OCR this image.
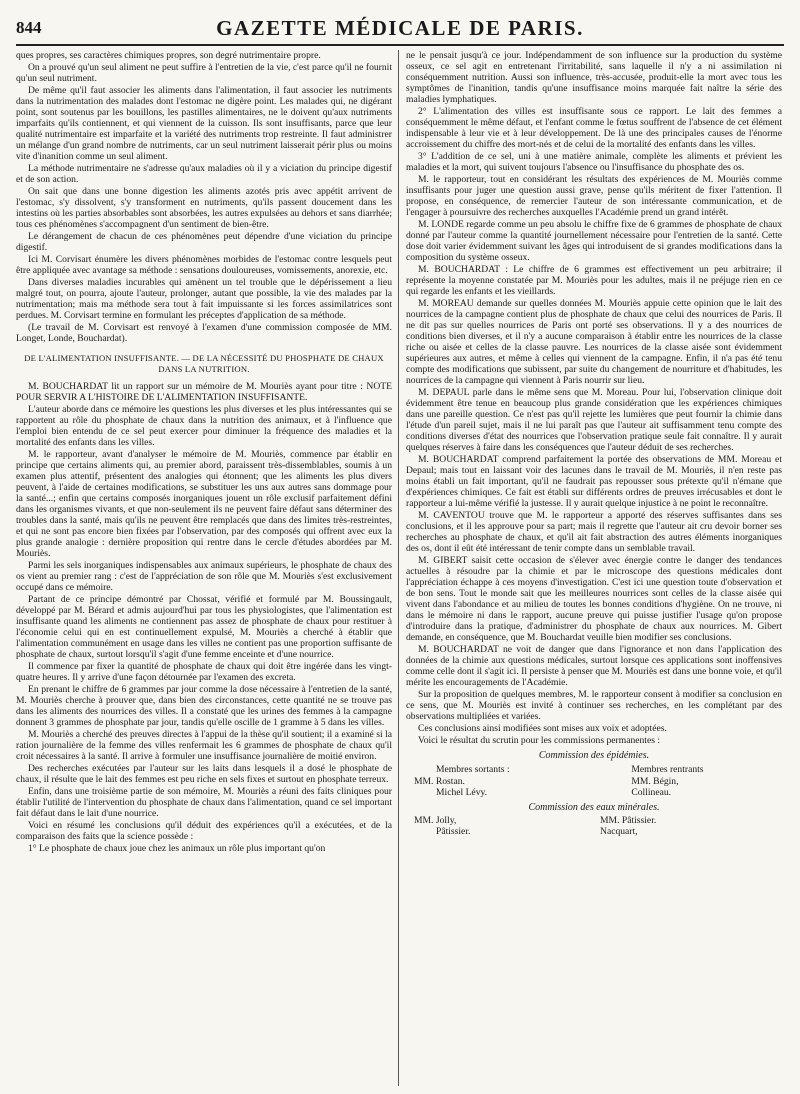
844	GAZETTE MÉDICALE DE PARIS.

ques propres, ses caractères chimiques propres, son degré nutrimentaire propre.

On a prouvé qu'un seul aliment ne peut suffire à l'entretien de la vie, c'est parce qu'il ne fournit qu'un seul nutriment.

De même qu'il faut associer les aliments dans l'alimentation, il faut associer les nutriments dans la nutrimentation des malades dont l'estomac ne digère point. Les malades qui, ne digérant point, sont soutenus par les bouillons, les pastilles alimentaires, ne le doivent qu'aux nutriments imparfaits qu'ils contiennent, et qui viennent de la cuisson. Ils sont insuffisants, parce que leur qualité nutrimentaire est imparfaite et la variété des nutriments trop restreinte. Il faut administrer un mélange d'un grand nombre de nutriments, car un seul nutriment laisserait périr plus ou moins vite d'inanition comme un seul aliment.

La méthode nutrimentaire ne s'adresse qu'aux maladies où il y a viciation du principe digestif et de son action.

On sait que dans une bonne digestion les aliments azotés pris avec appétit arrivent de l'estomac, s'y dissolvent, s'y transforment en nutriments, qu'ils passent doucement dans les intestins où les parties absorbables sont absorbées, les autres expulsées au dehors et sans diarrhée; tous ces phénomènes s'accompagnent d'un sentiment de bien-être.

Le dérangement de chacun de ces phénomènes peut dépendre d'une viciation du principe digestif.

Ici M. Corvisart énumère les divers phénomènes morbides de l'estomac contre lesquels peut être appliquée avec avantage sa méthode : sensations douloureuses, vomissements, anorexie, etc.

Dans diverses maladies incurables qui amènent un tel trouble que le dépérissement a lieu malgré tout, on pourra, ajoute l'auteur, prolonger, autant que possible, la vie des malades par la nutrimentation; mais ma méthode sera tout à fait impuissante si les forces assimilatrices sont perdues. M. Corvisart termine en formulant les préceptes d'application de sa méthode.

(Le travail de M. Corvisart est renvoyé à l'examen d'une commission composée de MM. Longet, Londe, Bouchardat).

DE L'ALIMENTATION INSUFFISANTE. — DE LA NÉCESSITÉ DU PHOSPHATE DE CHAUX DANS LA NUTRITION.

M. BOUCHARDAT lit un rapport sur un mémoire de M. Mouriès ayant pour titre : NOTE POUR SERVIR A L'HISTOIRE DE L'ALIMENTATION INSUFFISANTE.

L'auteur aborde dans ce mémoire les questions les plus diverses et les plus intéressantes qui se rapportent au rôle du phosphate de chaux dans la nutrition des animaux, et à l'influence que l'emploi bien entendu de ce sel peut exercer pour diminuer la fréquence des maladies et la mortalité des enfants dans les villes.

M. le rapporteur, avant d'analyser le mémoire de M. Mouriès, commence par établir en principe que certains aliments qui, au premier abord, paraissent très-dissemblables, soumis à un examen plus attentif, présentent des analogies qui étonnent; que les aliments les plus divers peuvent, à l'aide de certaines modifications, se substituer les uns aux autres sans dommage pour la santé...; enfin que certains composés inorganiques jouent un rôle exclusif parfaitement défini dans les organismes vivants, et que non-seulement ils ne peuvent faire défaut sans déterminer des troubles dans la santé, mais qu'ils ne peuvent être remplacés que dans des limites très-restreintes, et qui ne sont pas encore bien fixées par l'observation, par des composés qui offrent avec eux la plus grande analogie : dernière proposition qui rentre dans le cercle d'études abordées par M. Mouriès.

Parmi les sels inorganiques indispensables aux animaux supérieurs, le phosphate de chaux des os vient au premier rang : c'est de l'appréciation de son rôle que M. Mouriès s'est exclusivement occupé dans ce mémoire.

Partant de ce principe démontré par Chossat, vérifié et formulé par M. Boussingault, développé par M. Bérard et admis aujourd'hui par tous les physiologistes, que l'alimentation est insuffisante quand les aliments ne contiennent pas assez de phosphate de chaux pour restituer à l'économie celui qui en est continuellement expulsé, M. Mouriès a cherché à établir que l'alimentation communément en usage dans les villes ne contient pas une proportion suffisante de phosphate de chaux, surtout lorsqu'il s'agit d'une femme enceinte et d'une nourrice.

Il commence par fixer la quantité de phosphate de chaux qui doit être ingérée dans les vingt-quatre heures. Il y arrive d'une façon détournée par l'examen des excreta.

En prenant le chiffre de 6 grammes par jour comme la dose nécessaire à l'entretien de la santé, M. Mouriès cherche à prouver que, dans bien des circonstances, cette quantité ne se trouve pas dans les aliments des nourrices des villes. Il a constaté que les urines des femmes à la campagne donnent 3 grammes de phosphate par jour, tandis qu'elle oscille de 1 gramme à 5 dans les villes.

M. Mouriès a cherché des preuves directes à l'appui de la thèse qu'il soutient; il a examiné si la ration journalière de la femme des villes renfermait les 6 grammes de phosphate de chaux qu'il croit nécessaires à la santé. Il arrive à formuler une insuffisance journalière de moitié environ.

Des recherches exécutées par l'auteur sur les laits dans lesquels il a dosé le phosphate de chaux, il résulte que le lait des femmes est peu riche en sels fixes et surtout en phosphate terreux.

Enfin, dans une troisième partie de son mémoire, M. Mouriès a réuni des faits cliniques pour établir l'utilité de l'intervention du phosphate de chaux dans l'alimentation, quand ce sel important fait défaut dans le lait d'une nourrice.

Voici en résumé les conclusions qu'il déduit des expériences qu'il a exécutées, et de la comparaison des faits que la science possède :

1° Le phosphate de chaux joue chez les animaux un rôle plus important qu'on

ne le pensait jusqu'à ce jour. Indépendamment de son influence sur la production du système osseux, ce sel agit en entretenant l'irritabilité, sans laquelle il n'y a ni assimilation ni conséquemment nutrition. Aussi son influence, très-accusée, produit-elle la mort avec tous les symptômes de l'inanition, tandis qu'une insuffisance moins marquée fait naître la série des maladies lymphatiques.

2° L'alimentation des villes est insuffisante sous ce rapport. Le lait des femmes a conséquemment le même défaut, et l'enfant comme le fœtus souffrent de l'absence de cet élément indispensable à leur vie et à leur développement. De là une des principales causes de l'énorme accroissement du chiffre des mort-nés et de celui de la mortalité des enfants dans les villes.

3° L'addition de ce sel, uni à une matière animale, complète les aliments et prévient les maladies et la mort, qui suivent toujours l'absence ou l'insuffisance du phosphate des os.

M. le rapporteur, tout en considérant les résultats des expériences de M. Mouriès comme insuffisants pour juger une question aussi grave, pense qu'ils méritent de fixer l'attention. Il propose, en conséquence, de remercier l'auteur de son intéressante communication, et de l'engager à poursuivre des recherches auxquelles l'Académie prend un grand intérêt.

M. LONDE regarde comme un peu absolu le chiffre fixe de 6 grammes de phosphate de chaux donné par l'auteur comme la quantité journellement nécessaire pour l'entretien de la santé. Cette dose doit varier évidemment suivant les âges qui introduisent de si grandes modifications dans la composition du système osseux.

M. BOUCHARDAT : Le chiffre de 6 grammes est effectivement un peu arbitraire; il représente la moyenne constatée par M. Mouriès pour les adultes, mais il ne préjuge rien en ce qui regarde les enfants et les vieillards.

M. MOREAU demande sur quelles données M. Mouriès appuie cette opinion que le lait des nourrices de la campagne contient plus de phosphate de chaux que celui des nourrices de Paris. Il ne dit pas sur quelles nourrices de Paris ont porté ses observations. Il y a des nourrices de conditions bien diverses, et il n'y a aucune comparaison à établir entre les nourrices de la classe riche ou aisée et celles de la classe pauvre. Les nourrices de la classe aisée sont évidemment supérieures aux autres, et même à celles qui viennent de la campagne. Enfin, il n'a pas été tenu compte des modifications que subissent, par suite du changement de nourriture et d'habitudes, les nourrices de la campagne qui viennent à Paris nourrir sur lieu.

M. DEPAUL parle dans le même sens que M. Moreau. Pour lui, l'observation clinique doit évidemment être tenue en beaucoup plus grande considération que les expériences chimiques dans une pareille question. Ce n'est pas qu'il rejette les lumières que peut fournir la chimie dans l'étude d'un pareil sujet, mais il ne lui paraît pas que l'auteur ait suffisamment tenu compte des conditions diverses d'état des nourrices que l'observation pratique seule fait connaître. Il y aurait quelques réserves à faire dans les conséquences que l'auteur déduit de ses recherches.

M. BOUCHARDAT comprend parfaitement la portée des observations de MM. Moreau et Depaul; mais tout en laissant voir des lacunes dans le travail de M. Mouriès, il n'en reste pas moins établi un fait important, qu'il ne faudrait pas repousser sous prétexte qu'il n'émane que d'expériences chimiques. Ce fait est établi sur différents ordres de preuves irrécusables et dont le rapporteur a lui-même vérifié la justesse. Il y aurait quelque injustice à ne point le reconnaître.

M. CAVENTOU trouve que M. le rapporteur a apporté des réserves suffisantes dans ses conclusions, et il les approuve pour sa part; mais il regrette que l'auteur ait cru devoir borner ses recherches au phosphate de chaux, et qu'il ait fait abstraction des autres éléments inorganiques des os, dont il eût été intéressant de tenir compte dans un semblable travail.

M. GIBERT saisit cette occasion de s'élever avec énergie contre le danger des tendances actuelles à résoudre par la chimie et par le microscope des questions médicales dont l'appréciation échappe à ces moyens d'investigation. C'est ici une question toute d'observation et de bon sens. Tout le monde sait que les meilleures nourrices sont celles de la classe aisée qui vivent dans l'abondance et au milieu de toutes les bonnes conditions d'hygiène. On ne trouve, ni dans le mémoire ni dans le rapport, aucune preuve qui puisse justifier l'usage qu'on propose d'introduire dans la pratique, d'administrer du phosphate de chaux aux nourrices. M. Gibert demande, en conséquence, que M. Bouchardat veuille bien modifier ses conclusions.

M. BOUCHARDAT ne voit de danger que dans l'ignorance et non dans l'application des données de la chimie aux questions médicales, surtout lorsque ces applications sont inoffensives comme celle dont il s'agit ici. Il persiste à penser que M. Mouriès est dans une bonne voie, et qu'il mérite les encouragements de l'Académie.

Sur la proposition de quelques membres, M. le rapporteur consent à modifier sa conclusion en ce sens, que M. Mouriès est invité à continuer ses recherches, en les complétant par des observations multipliées et variées.

Ces conclusions ainsi modifiées sont mises aux voix et adoptées.

Voici le résultat du scrutin pour les commissions permanentes :

Commission des épidémies.
Membres sortants :	Membres rentrants
MM. Rostan.	MM. Bégin,
Michel Lévy.	Collineau.
Commission des eaux minérales.
MM. Jolly,	MM. Pâtissier.
Pâtissier.	Nacquart,
